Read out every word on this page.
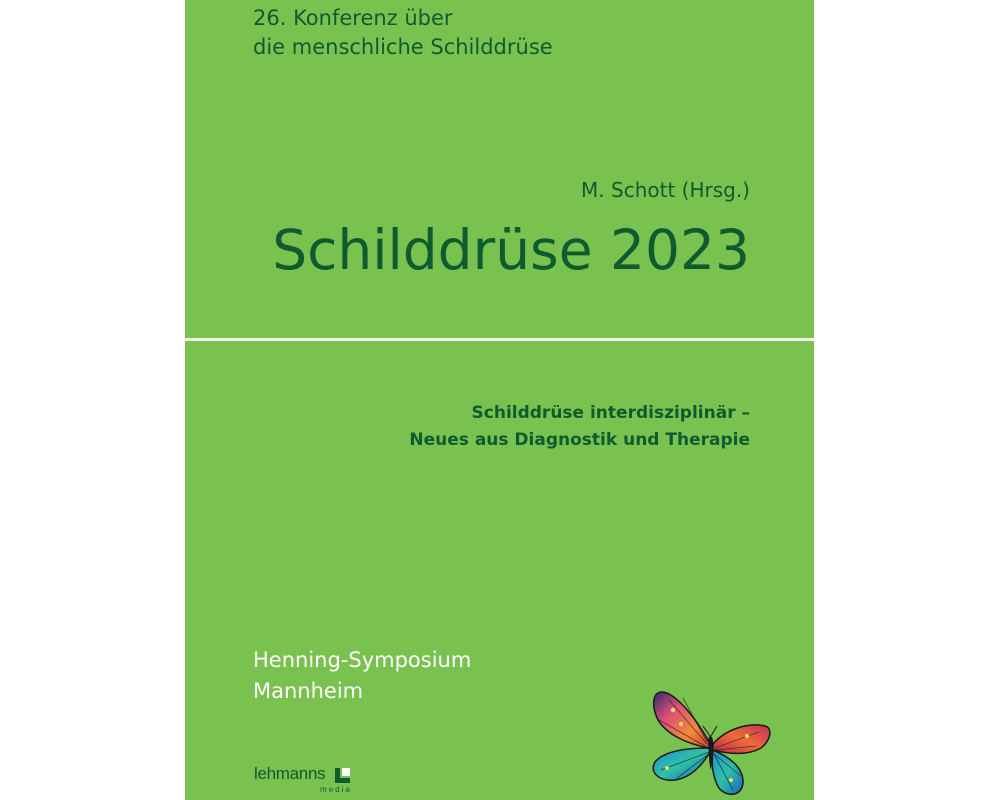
26. Konferenz über
die menschliche Schilddrüse
M. Schott (Hrsg.)
Schilddrüse 2023
Schilddrüse interdisziplinär –
Neues aus Diagnostik und Therapie
Henning-Symposium
Mannheim
lehmanns
media
